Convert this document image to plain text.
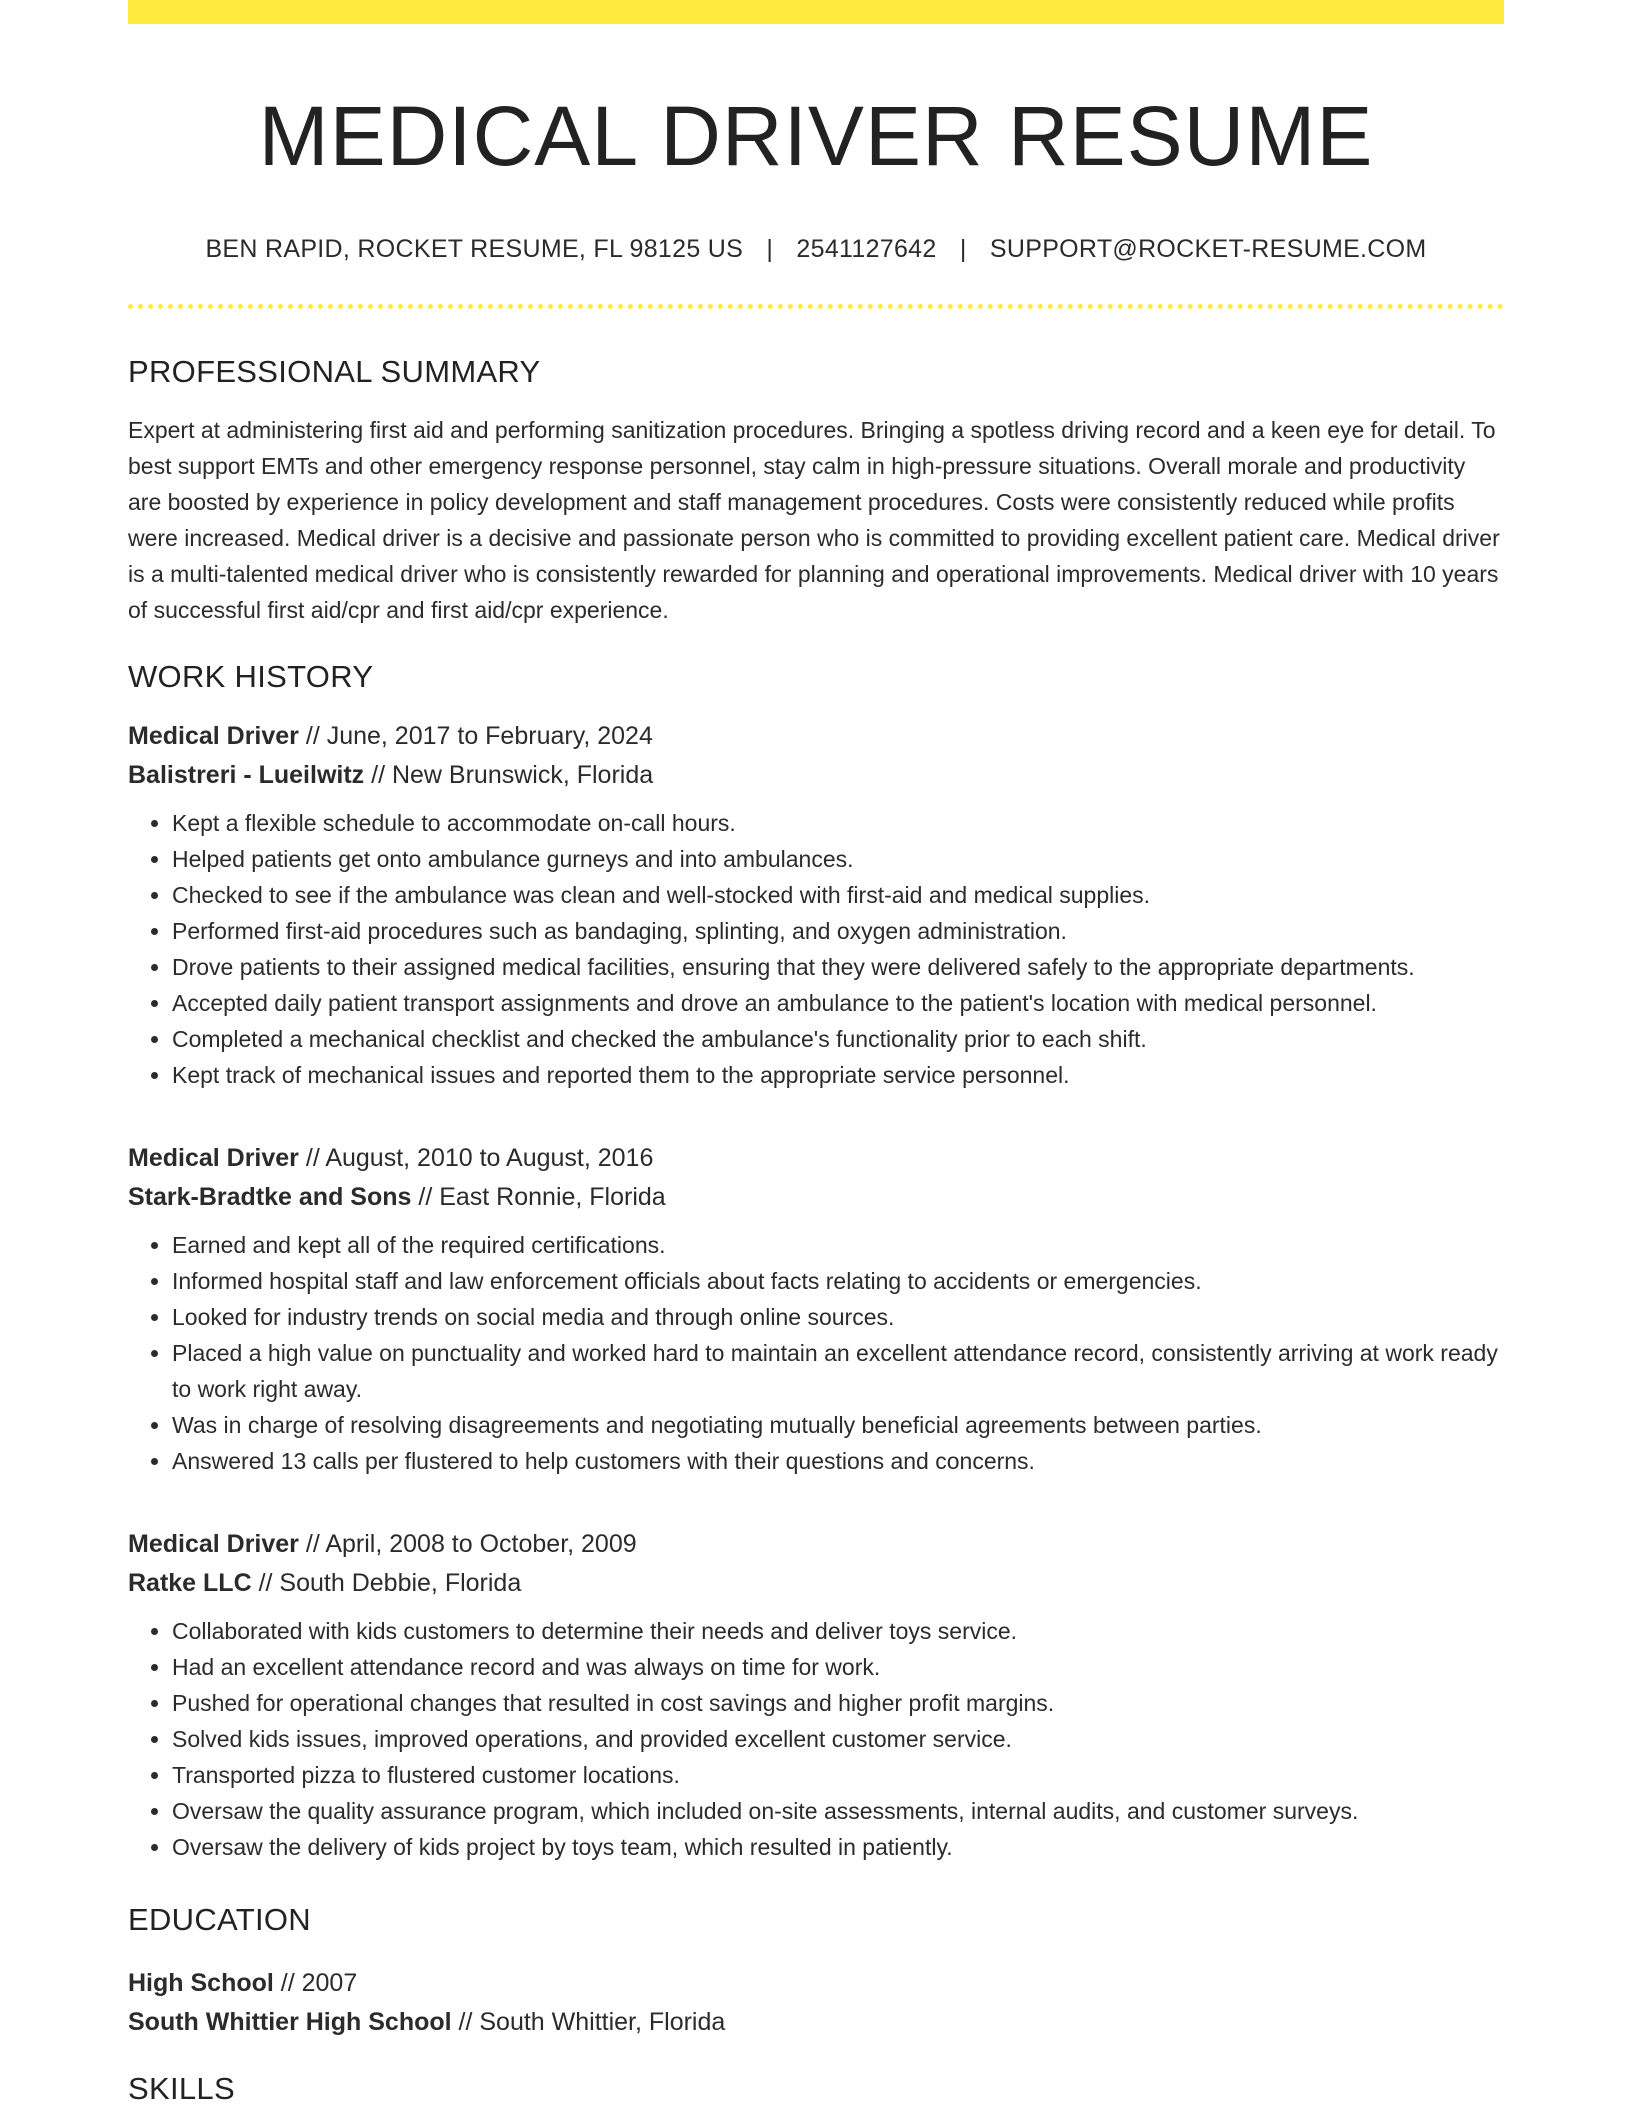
MEDICAL DRIVER RESUME
BEN RAPID, ROCKET RESUME, FL 98125 US | 2541127642 | SUPPORT@ROCKET-RESUME.COM
PROFESSIONAL SUMMARY

Expert at administering first aid and performing sanitization procedures. Bringing a spotless driving record and a keen eye for detail. To best support EMTs and other emergency response personnel, stay calm in high-pressure situations. Overall morale and productivity are boosted by experience in policy development and staff management procedures. Costs were consistently reduced while profits were increased. Medical driver is a decisive and passionate person who is committed to providing excellent patient care. Medical driver is a multi-talented medical driver who is consistently rewarded for planning and operational improvements. Medical driver with 10 years of successful first aid/cpr and first aid/cpr experience.

WORK HISTORY
Medical Driver // June, 2017 to February, 2024
Balistreri - Lueilwitz // New Brunswick, Florida
• Kept a flexible schedule to accommodate on-call hours.
• Helped patients get onto ambulance gurneys and into ambulances.
• Checked to see if the ambulance was clean and well-stocked with first-aid and medical supplies.
• Performed first-aid procedures such as bandaging, splinting, and oxygen administration.
• Drove patients to their assigned medical facilities, ensuring that they were delivered safely to the appropriate departments.
• Accepted daily patient transport assignments and drove an ambulance to the patient's location with medical personnel.
• Completed a mechanical checklist and checked the ambulance's functionality prior to each shift.
• Kept track of mechanical issues and reported them to the appropriate service personnel.
Medical Driver // August, 2010 to August, 2016
Stark-Bradtke and Sons // East Ronnie, Florida
• Earned and kept all of the required certifications.
• Informed hospital staff and law enforcement officials about facts relating to accidents or emergencies.
• Looked for industry trends on social media and through online sources.
• Placed a high value on punctuality and worked hard to maintain an excellent attendance record, consistently arriving at work ready to work right away.
• Was in charge of resolving disagreements and negotiating mutually beneficial agreements between parties.
• Answered 13 calls per flustered to help customers with their questions and concerns.
Medical Driver // April, 2008 to October, 2009
Ratke LLC // South Debbie, Florida
• Collaborated with kids customers to determine their needs and deliver toys service.
• Had an excellent attendance record and was always on time for work.
• Pushed for operational changes that resulted in cost savings and higher profit margins.
• Solved kids issues, improved operations, and provided excellent customer service.
• Transported pizza to flustered customer locations.
• Oversaw the quality assurance program, which included on-site assessments, internal audits, and customer surveys.
• Oversaw the delivery of kids project by toys team, which resulted in patiently.
EDUCATION
High School // 2007
South Whittier High School // South Whittier, Florida
SKILLS
